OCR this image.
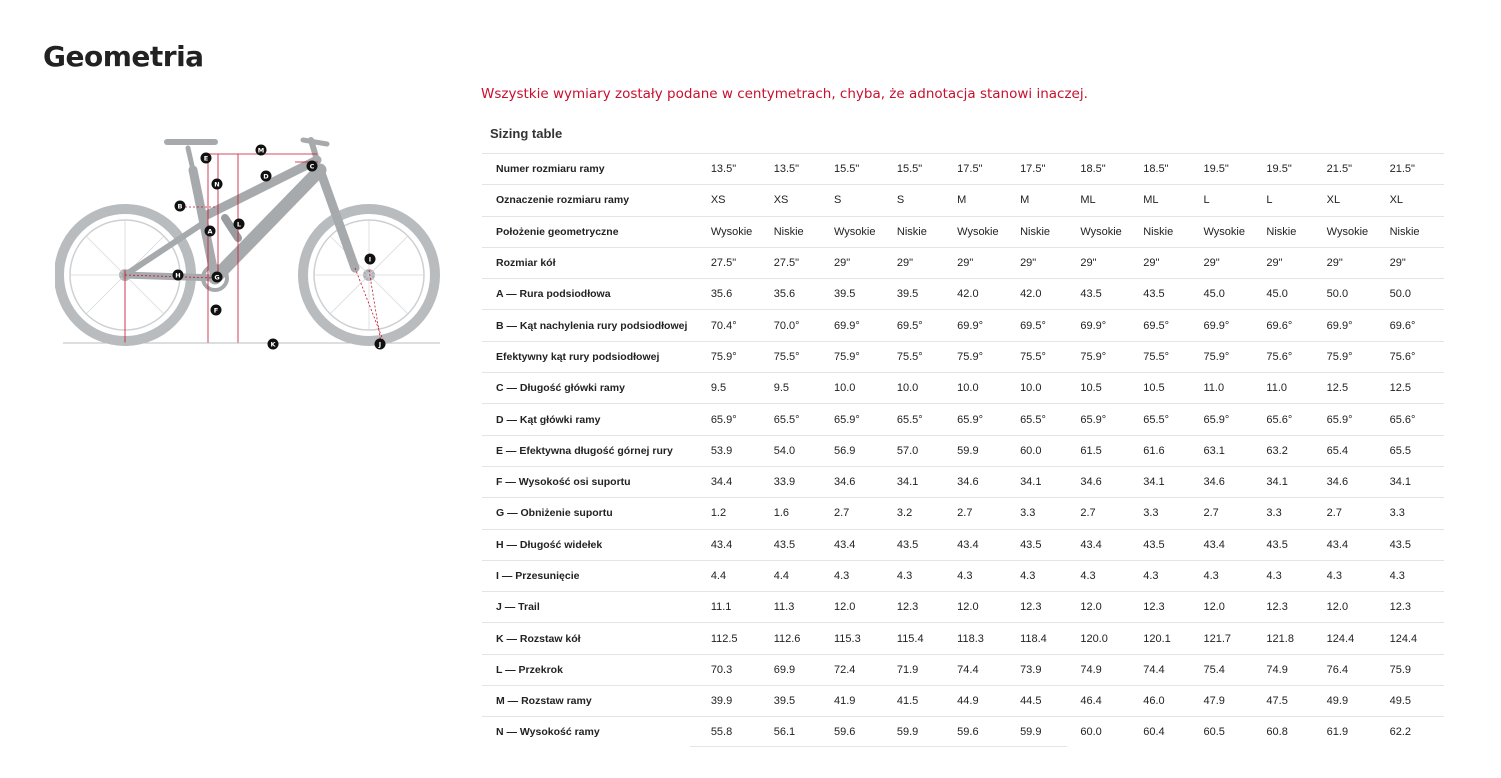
Geometria
M
E
C
D
N
B
L
A
I
H	G
F
K	J
Wszystkie wymiary zostały podane w centymetrach, chyba, że adnotacja stanowi inaczej.
Sizing table
Numer rozmiaru ramy	13.5"	13.5"	15.5"	15.5"	17.5"	17.5"	18.5"	18.5"	19.5"	19.5"	21.5"	21.5"

Oznaczenie rozmiaru ramy	XS	XS	S	S	M	M	ML	ML	L	L	XL	XL

Położenie geometryczne	Wysokie	Niskie	Wysokie	Niskie	Wysokie	Niskie	Wysokie	Niskie	Wysokie	Niskie	Wysokie	Niskie

Rozmiar kół	27.5"	27.5"	29"	29"	29"	29"	29"	29"	29"	29"	29"	29"

A — Rura podsiodłowa	35.6	35.6	39.5	39.5	42.0	42.0	43.5	43.5	45.0	45.0	50.0	50.0

B — Kąt nachylenia rury podsiodłowej	70.4°	70.0°	69.9°	69.5°	69.9°	69.5°	69.9°	69.5°	69.9°	69.6°	69.9°	69.6°

Efektywny kąt rury podsiodłowej	75.9°	75.5°	75.9°	75.5°	75.9°	75.5°	75.9°	75.5°	75.9°	75.6°	75.9°	75.6°

C — Długość główki ramy	9.5	9.5	10.0	10.0	10.0	10.0	10.5	10.5	11.0	11.0	12.5	12.5

D — Kąt główki ramy	65.9°	65.5°	65.9°	65.5°	65.9°	65.5°	65.9°	65.5°	65.9°	65.6°	65.9°	65.6°

E — Efektywna długość górnej rury	53.9	54.0	56.9	57.0	59.9	60.0	61.5	61.6	63.1	63.2	65.4	65.5

F — Wysokość osi suportu	34.4	33.9	34.6	34.1	34.6	34.1	34.6	34.1	34.6	34.1	34.6	34.1

G — Obniżenie suportu	1.2	1.6	2.7	3.2	2.7	3.3	2.7	3.3	2.7	3.3	2.7	3.3

H — Długość widełek	43.4	43.5	43.4	43.5	43.4	43.5	43.4	43.5	43.4	43.5	43.4	43.5

I — Przesunięcie	4.4	4.4	4.3	4.3	4.3	4.3	4.3	4.3	4.3	4.3	4.3	4.3

J — Trail	11.1	11.3	12.0	12.3	12.0	12.3	12.0	12.3	12.0	12.3	12.0	12.3

K — Rozstaw kół	112.5	112.6	115.3	115.4	118.3	118.4	120.0	120.1	121.7	121.8	124.4	124.4

L — Przekrok	70.3	69.9	72.4	71.9	74.4	73.9	74.9	74.4	75.4	74.9	76.4	75.9

M — Rozstaw ramy	39.9	39.5	41.9	41.5	44.9	44.5	46.4	46.0	47.9	47.5	49.9	49.5

N — Wysokość ramy	55.8	56.1	59.6	59.9	59.6	59.9	60.0	60.4	60.5	60.8	61.9	62.2
